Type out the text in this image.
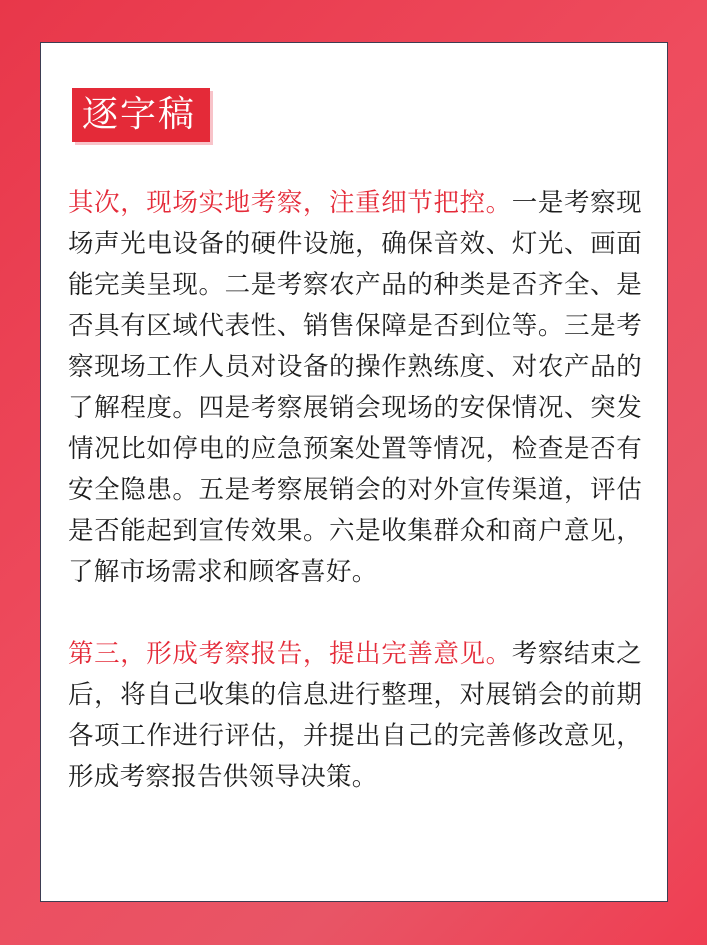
逐字稿

其次，现场实地考察，注重细节把控。一是考察现场声光电设备的硬件设施，确保音效、灯光、画面能完美呈现。二是考察农产品的种类是否齐全、是否具有区域代表性、销售保障是否到位等。三是考察现场工作人员对设备的操作熟练度、对农产品的了解程度。四是考察展销会现场的安保情况、突发情况比如停电的应急预案处置等情况，检查是否有安全隐患。五是考察展销会的对外宣传渠道，评估是否能起到宣传效果。六是收集群众和商户意见，了解市场需求和顾客喜好。

第三，形成考察报告，提出完善意见。考察结束之后，将自己收集的信息进行整理，对展销会的前期各项工作进行评估，并提出自己的完善修改意见，形成考察报告供领导决策。
